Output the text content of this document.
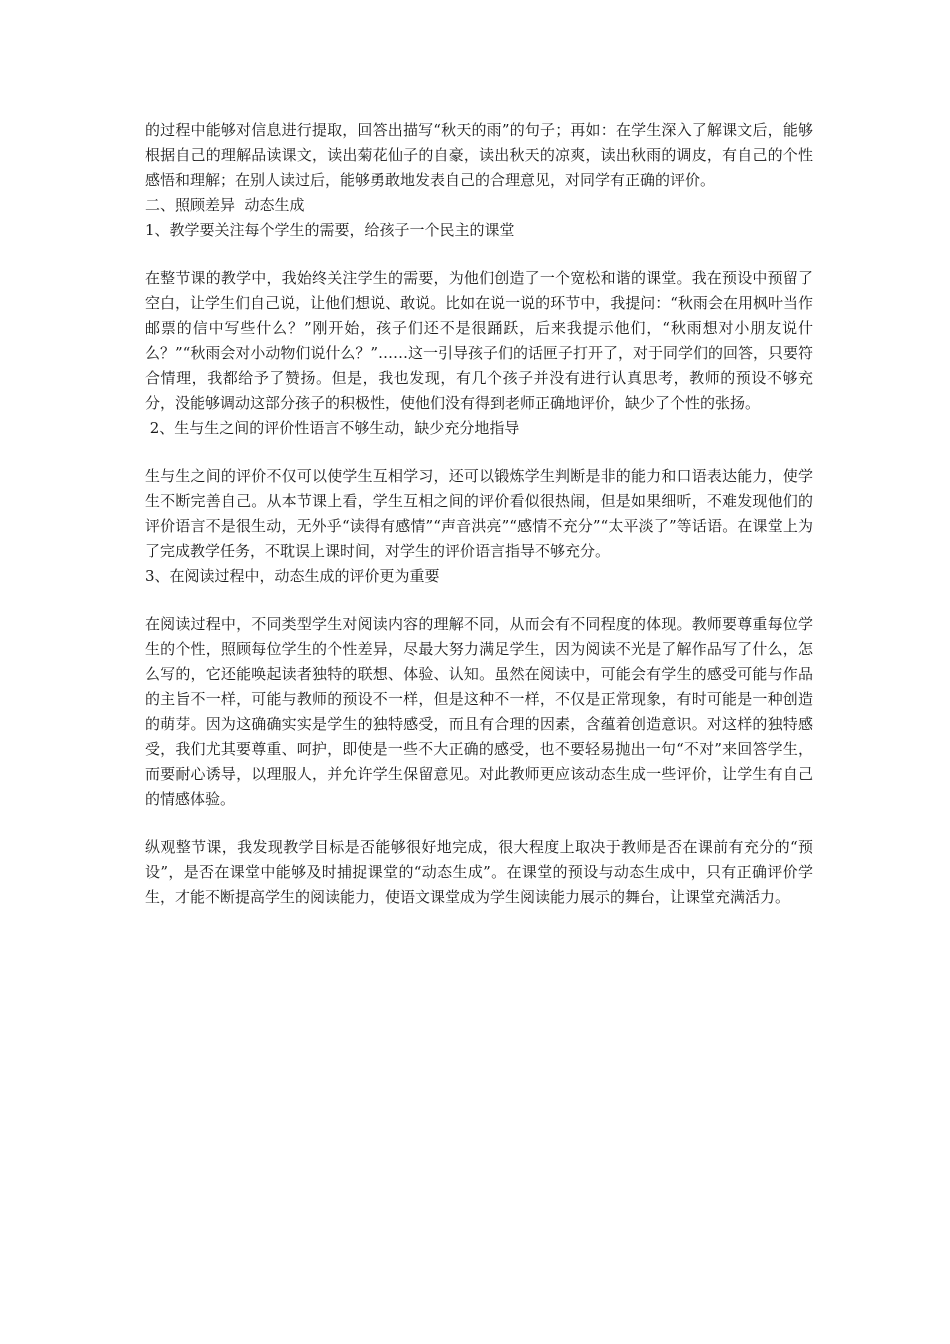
的过程中能够对信息进行提取，回答出描写“秋天的雨”的句子；再如：在学生深入了解课文后，能够根据自己的理解品读课文，读出菊花仙子的自豪，读出秋天的凉爽，读出秋雨的调皮，有自己的个性感悟和理解；在别人读过后，能够勇敢地发表自己的合理意见，对同学有正确的评价。

二、照顾差异  动态生成

1、教学要关注每个学生的需要，给孩子一个民主的课堂

在整节课的教学中，我始终关注学生的需要，为他们创造了一个宽松和谐的课堂。我在预设中预留了空白，让学生们自己说，让他们想说、敢说。比如在说一说的环节中，我提问：“秋雨会在用枫叶当作邮票的信中写些什么？”刚开始，孩子们还不是很踊跃，后来我提示他们，“秋雨想对小朋友说什么？”“秋雨会对小动物们说什么？”……这一引导孩子们的话匣子打开了，对于同学们的回答，只要符合情理，我都给予了赞扬。但是，我也发现，有几个孩子并没有进行认真思考，教师的预设不够充分，没能够调动这部分孩子的积极性，使他们没有得到老师正确地评价，缺少了个性的张扬。

2、生与生之间的评价性语言不够生动，缺少充分地指导

生与生之间的评价不仅可以使学生互相学习，还可以锻炼学生判断是非的能力和口语表达能力，使学生不断完善自己。从本节课上看，学生互相之间的评价看似很热闹，但是如果细听，不难发现他们的评价语言不是很生动，无外乎“读得有感情”“声音洪亮”“感情不充分”“太平淡了”等话语。在课堂上为了完成教学任务，不耽误上课时间，对学生的评价语言指导不够充分。

3、在阅读过程中，动态生成的评价更为重要

在阅读过程中，不同类型学生对阅读内容的理解不同，从而会有不同程度的体现。教师要尊重每位学生的个性，照顾每位学生的个性差异，尽最大努力满足学生，因为阅读不光是了解作品写了什么，怎么写的，它还能唤起读者独特的联想、体验、认知。虽然在阅读中，可能会有学生的感受可能与作品的主旨不一样，可能与教师的预设不一样，但是这种不一样，不仅是正常现象，有时可能是一种创造的萌芽。因为这确确实实是学生的独特感受，而且有合理的因素，含蕴着创造意识。对这样的独特感受，我们尤其要尊重、呵护，即使是一些不大正确的感受，也不要轻易抛出一句“不对”来回答学生，而要耐心诱导，以理服人，并允许学生保留意见。对此教师更应该动态生成一些评价，让学生有自己的情感体验。

纵观整节课，我发现教学目标是否能够很好地完成，很大程度上取决于教师是否在课前有充分的“预设”，是否在课堂中能够及时捕捉课堂的“动态生成”。在课堂的预设与动态生成中，只有正确评价学生，才能不断提高学生的阅读能力，使语文课堂成为学生阅读能力展示的舞台，让课堂充满活力。
